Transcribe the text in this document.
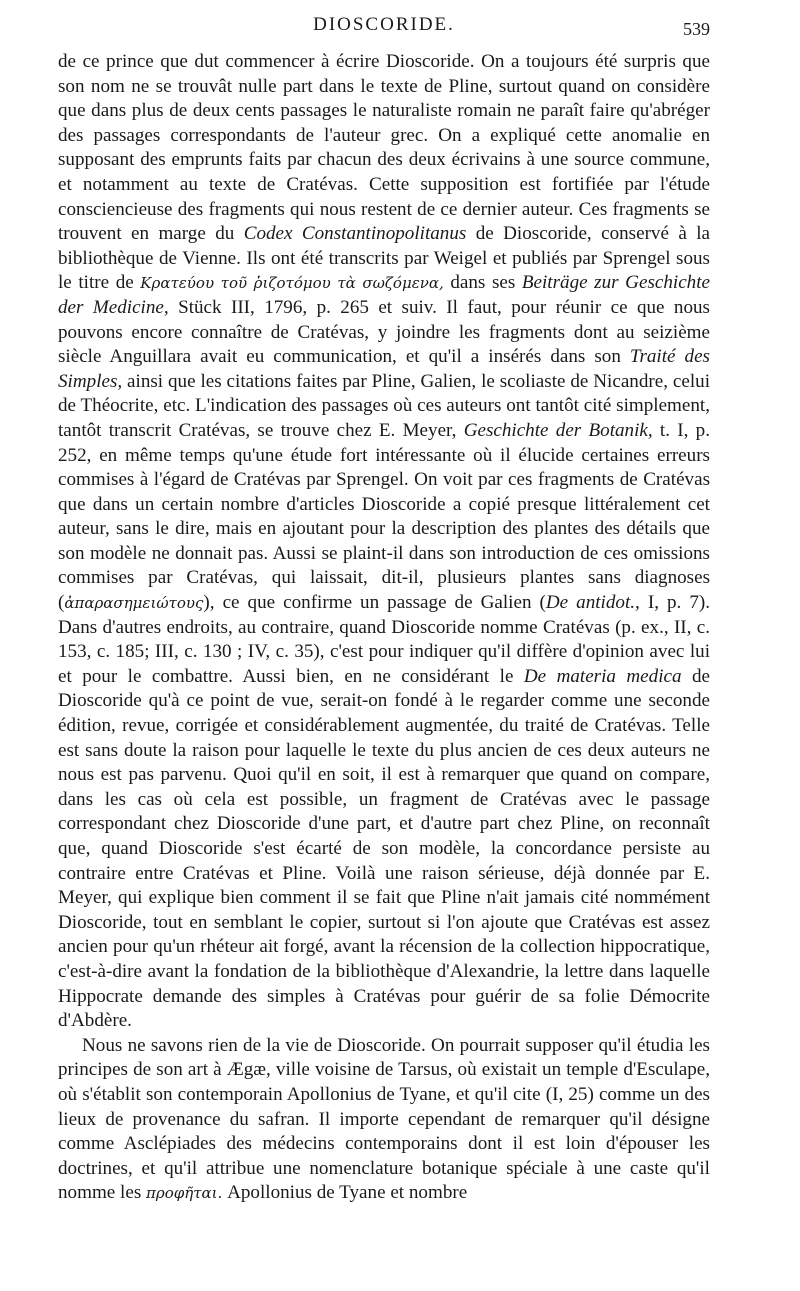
DIOSCORIDE.	539

de ce prince que dut commencer à écrire Dioscoride. On a toujours été surpris que son nom ne se trouvât nulle part dans le texte de Pline, surtout quand on considère que dans plus de deux cents passages le naturaliste romain ne paraît faire qu'abréger des passages correspondants de l'auteur grec. On a expliqué cette anomalie en supposant des emprunts faits par chacun des deux écrivains à une source commune, et notamment au texte de Cratévas. Cette supposition est fortifiée par l'étude consciencieuse des fragments qui nous restent de ce dernier auteur. Ces fragments se trouvent en marge du Codex Constantinopolitanus de Dioscoride, conservé à la bibliothèque de Vienne. Ils ont été transcrits par Weigel et publiés par Sprengel sous le titre de Κρατεύου τοῦ ῥιζοτόμου τὰ σωζόμενα, dans ses Beiträge zur Geschichte der Medicine, Stück III, 1796, p. 265 et suiv. Il faut, pour réunir ce que nous pouvons encore connaître de Cratévas, y joindre les fragments dont au seizième siècle Anguillara avait eu communication, et qu'il a insérés dans son Traité des Simples, ainsi que les citations faites par Pline, Galien, le scoliaste de Nicandre, celui de Théocrite, etc. L'indication des passages où ces auteurs ont tantôt cité simplement, tantôt transcrit Cratévas, se trouve chez E. Meyer, Geschichte der Botanik, t. I, p. 252, en même temps qu'une étude fort intéressante où il élucide certaines erreurs commises à l'égard de Cratévas par Sprengel. On voit par ces fragments de Cratévas que dans un certain nombre d'articles Dioscoride a copié presque littéralement cet auteur, sans le dire, mais en ajoutant pour la description des plantes des détails que son modèle ne donnait pas. Aussi se plaint-il dans son introduction de ces omissions commises par Cratévas, qui laissait, dit-il, plusieurs plantes sans diagnoses (ἀπαρασημειώτους), ce que confirme un passage de Galien (De antidot., I, p. 7). Dans d'autres endroits, au contraire, quand Dioscoride nomme Cratévas (p. ex., II, c. 153, c. 185; III, c. 130 ; IV, c. 35), c'est pour indiquer qu'il diffère d'opinion avec lui et pour le combattre. Aussi bien, en ne considérant le De materia medica de Dioscoride qu'à ce point de vue, serait-on fondé à le regarder comme une seconde édition, revue, corrigée et considérablement augmentée, du traité de Cratévas. Telle est sans doute la raison pour laquelle le texte du plus ancien de ces deux auteurs ne nous est pas parvenu. Quoi qu'il en soit, il est à remarquer que quand on compare, dans les cas où cela est possible, un fragment de Cratévas avec le passage correspondant chez Dioscoride d'une part, et d'autre part chez Pline, on reconnaît que, quand Dioscoride s'est écarté de son modèle, la concordance persiste au contraire entre Cratévas et Pline. Voilà une raison sérieuse, déjà donnée par E. Meyer, qui explique bien comment il se fait que Pline n'ait jamais cité nommément Dioscoride, tout en semblant le copier, surtout si l'on ajoute que Cratévas est assez ancien pour qu'un rhéteur ait forgé, avant la récension de la collection hippocratique, c'est-à-dire avant la fondation de la bibliothèque d'Alexandrie, la lettre dans laquelle Hippocrate demande des simples à Cratévas pour guérir de sa folie Démocrite d'Abdère.

Nous ne savons rien de la vie de Dioscoride. On pourrait supposer qu'il étudia les principes de son art à Ægæ, ville voisine de Tarsus, où existait un temple d'Esculape, où s'établit son contemporain Apollonius de Tyane, et qu'il cite (I, 25) comme un des lieux de provenance du safran. Il importe cependant de remarquer qu'il désigne comme Asclépiades des médecins contemporains dont il est loin d'épouser les doctrines, et qu'il attribue une nomenclature botanique spéciale à une caste qu'il nomme les προφῆται. Apollonius de Tyane et nombre
